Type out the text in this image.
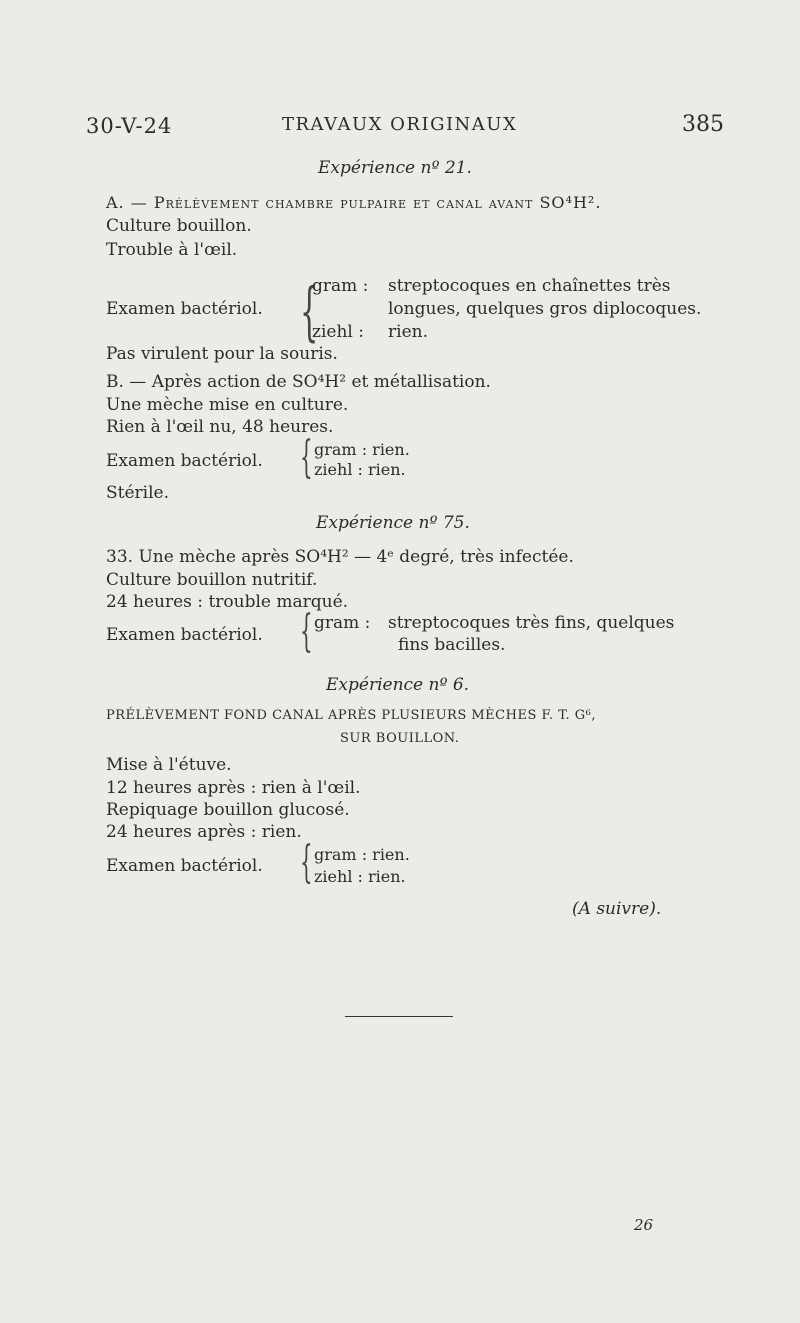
30-V-24	TRAVAUX ORIGINAUX	385
Expérience nº 21.
A. — Prélèvement chambre pulpaire et canal avant SO⁴H².
Culture bouillon.
Trouble à l'œil.
Examen bactériol. {
gram : streptocoques en chaînettes très
longues, quelques gros diplocoques.
ziehl : rien.
Pas virulent pour la souris.
B. — Après action de SO⁴H² et métallisation.
Une mèche mise en culture.
Rien à l'œil nu, 48 heures.
Examen bactériol. { gram : rien.
ziehl : rien.
Stérile.
Expérience nº 75.
33. Une mèche après SO⁴H² — 4ᵉ degré, très infectée.
Culture bouillon nutritif.
24 heures : trouble marqué.
Examen bactériol. { gram : streptocoques très fins, quelques
fins bacilles.
Expérience nº 6.
PRÉLÈVEMENT FOND CANAL APRÈS PLUSIEURS MÈCHES F. T. G⁶,
SUR BOUILLON.
Mise à l'étuve.
12 heures après : rien à l'œil.
Repiquage bouillon glucosé.
24 heures après : rien.
Examen bactériol. { gram : rien.
ziehl : rien.
(A suivre).
26
